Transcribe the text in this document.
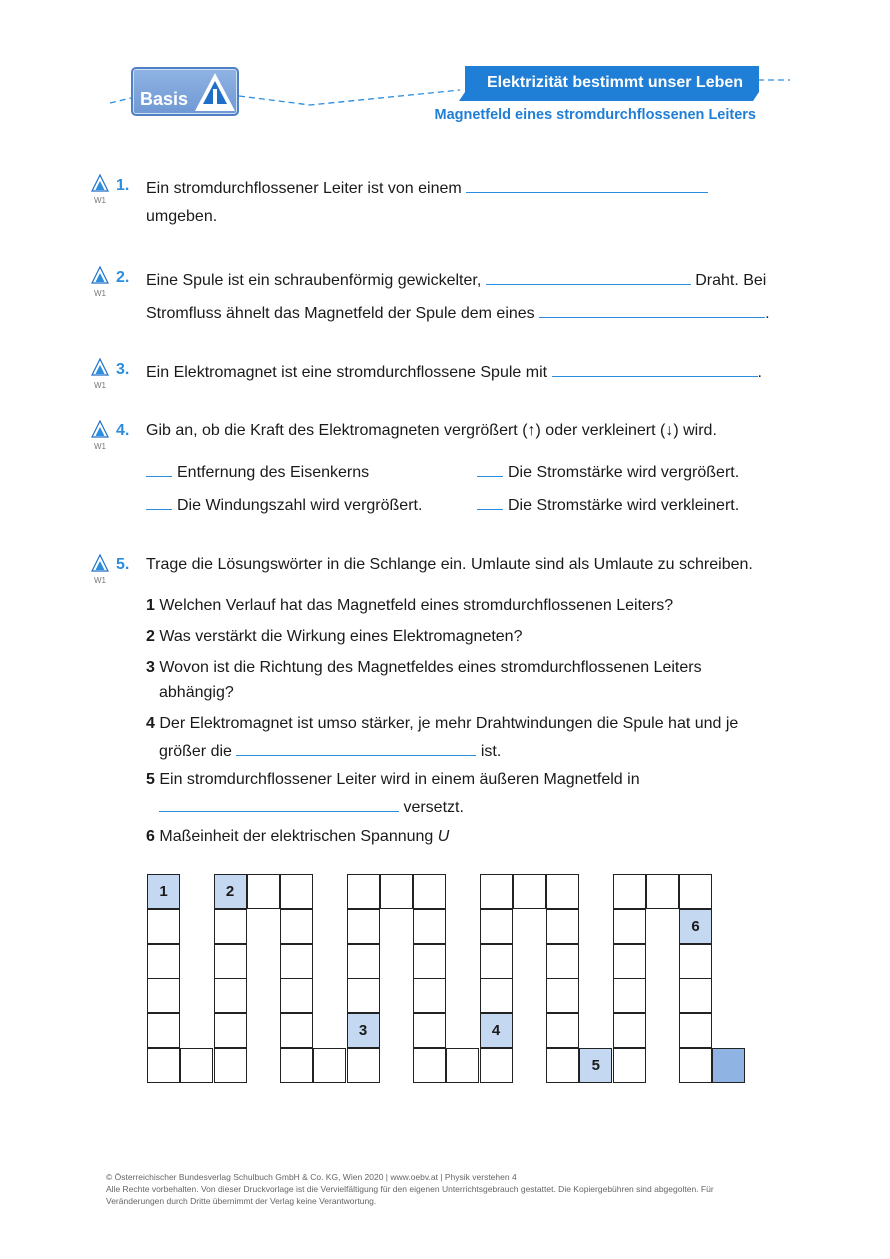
Basis
Elektrizität bestimmt unser Leben
Magnetfeld eines stromdurchflossenen Leiters
W1
1. Ein stromdurchflossener Leiter ist von einem
umgeben.
W1
2. Eine Spule ist ein schraubenförmig gewickelter,	Draht. Bei
Stromfluss ähnelt das Magnetfeld der Spule dem eines	.
W1
3. Ein Elektromagnet ist eine stromdurchflossene Spule mit	.
W1
4. Gib an, ob die Kraft des Elektromagneten vergrößert (↑) oder verkleinert (↓) wird.
Entfernung des Eisenkerns	Die Stromstärke wird vergrößert.
Die Windungszahl wird vergrößert.	Die Stromstärke wird verkleinert.
W1
5. Trage die Lösungswörter in die Schlange ein. Umlaute sind als Umlaute zu schreiben.
1 Welchen Verlauf hat das Magnetfeld eines stromdurchflossenen Leiters?
2 Was verstärkt die Wirkung eines Elektromagneten?
3 Wovon ist die Richtung des Magnetfeldes eines stromdurchflossenen Leiters
abhängig?
4 Der Elektromagnet ist umso stärker, je mehr Drahtwindungen die Spule hat und je
größer die	ist.
5 Ein stromdurchflossener Leiter wird in einem äußeren Magnetfeld in
versetzt.
6 Maßeinheit der elektrischen Spannung U
1	2
3	4
5
6
© Österreichischer Bundesverlag Schulbuch GmbH & Co. KG, Wien 2020 | www.oebv.at | Physik verstehen 4
Alle Rechte vorbehalten. Von dieser Druckvorlage ist die Vervielfältigung für den eigenen Unterrichtsgebrauch gestattet. Die Kopiergebühren sind abgegolten. Für
Veränderungen durch Dritte übernimmt der Verlag keine Verantwortung.
